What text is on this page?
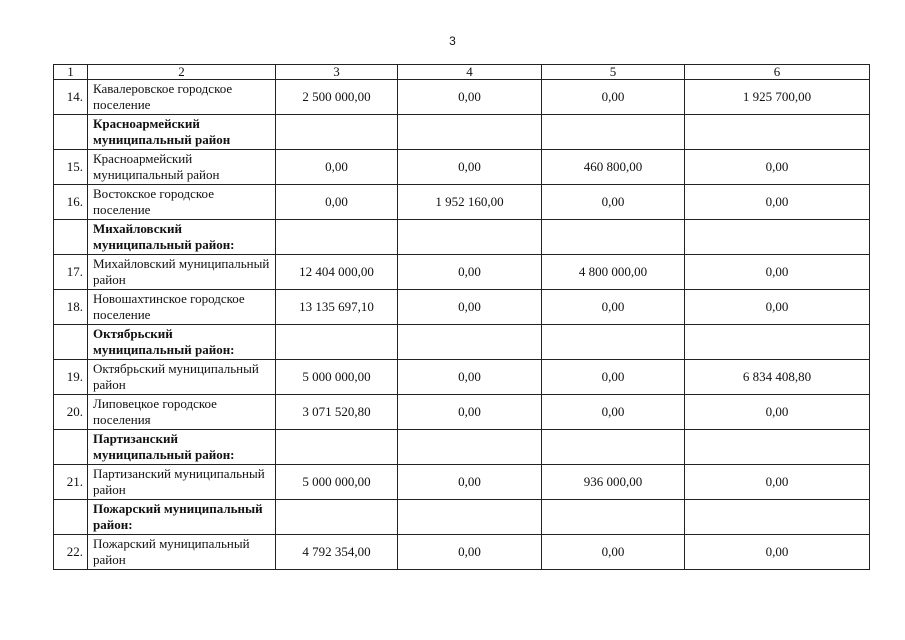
3
1	2	3	4	5	6
14.	Кавалеровское городское поселение	2 500 000,00	0,00	0,00	1 925 700,00
	Красноармейский муниципальный район				
15.	Красноармейский муниципальный район	0,00	0,00	460 800,00	0,00
16.	Востокское городское поселение	0,00	1 952 160,00	0,00	0,00
	Михайловский муниципальный район:				
17.	Михайловский муниципальный район	12 404 000,00	0,00	4 800 000,00	0,00
18.	Новошахтинское городское поселение	13 135 697,10	0,00	0,00	0,00
	Октябрьский муниципальный район:				
19.	Октябрьский муниципальный район	5 000 000,00	0,00	0,00	6 834 408,80
20.	Липовецкое городское поселения	3 071 520,80	0,00	0,00	0,00
	Партизанский муниципальный район:				
21.	Партизанский муниципальный район	5 000 000,00	0,00	936 000,00	0,00
	Пожарский муниципальный район:				
22.	Пожарский муниципальный район	4 792 354,00	0,00	0,00	0,00
